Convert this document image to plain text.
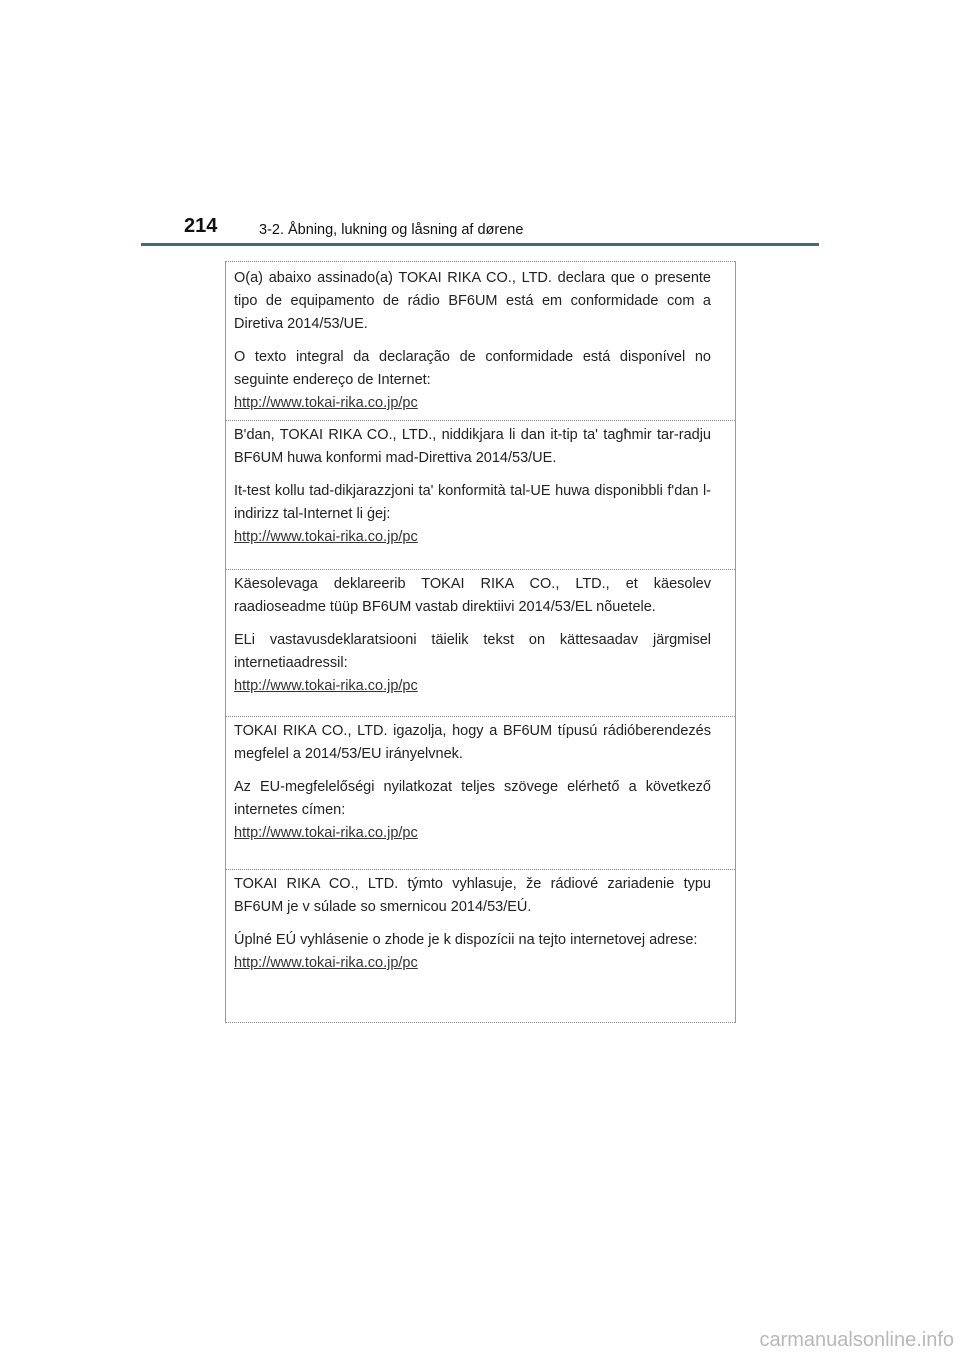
214	3-2. Åbning, lukning og låsning af dørene

O(a) abaixo assinado(a) TOKAI RIKA CO., LTD. declara que o presente tipo de equipamento de rádio BF6UM está em conformidade com a Diretiva 2014/53/UE.

O texto integral da declaração de conformidade está disponível no seguinte endereço de Internet:

http://www.tokai-rika.co.jp/pc

B'dan, TOKAI RIKA CO., LTD., niddikjara li dan it-tip ta' tagħmir tar-radju BF6UM huwa konformi mad-Direttiva 2014/53/UE.

It-test kollu tad-dikjarazzjoni ta' konformità tal-UE huwa disponibbli f'dan l-indirizz tal-Internet li ġej:

http://www.tokai-rika.co.jp/pc

Käesolevaga deklareerib TOKAI RIKA CO., LTD., et käesolev raadioseadme tüüp BF6UM vastab direktiivi 2014/53/EL nõuetele.

ELi vastavusdeklaratsiooni täielik tekst on kättesaadav järgmisel internetiaadressil:

http://www.tokai-rika.co.jp/pc

TOKAI RIKA CO., LTD. igazolja, hogy a BF6UM típusú rádióberendezés megfelel a 2014/53/EU irányelvnek.

Az EU-megfelelőségi nyilatkozat teljes szövege elérhető a következő internetes címen:

http://www.tokai-rika.co.jp/pc

TOKAI RIKA CO., LTD. týmto vyhlasuje, že rádiové zariadenie typu BF6UM je v súlade so smernicou 2014/53/EÚ.

Úplné EÚ vyhlásenie o zhode je k dispozícii na tejto internetovej adrese:

http://www.tokai-rika.co.jp/pc
carmanualsonline.info
